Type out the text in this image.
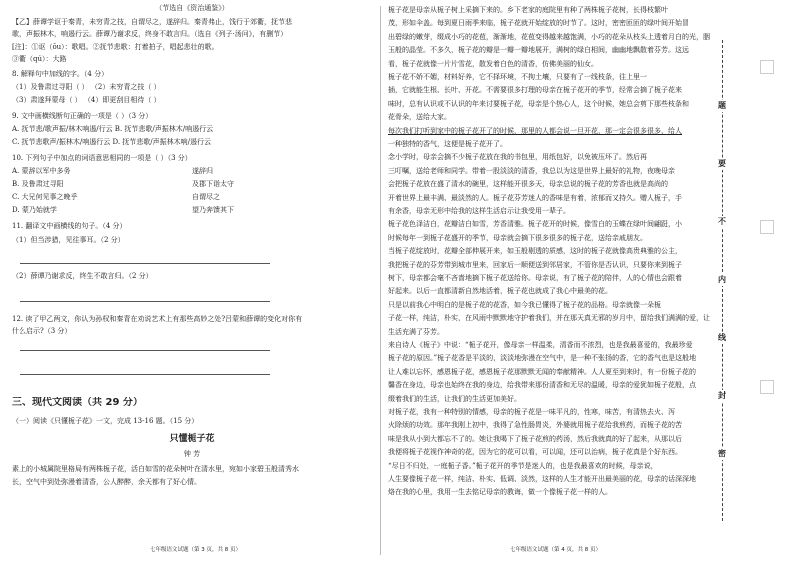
（节选自《资治通鉴》）
【乙】薛谭学讴于秦青，未穷青之技，自谓尽之，遂辞归。秦青弗止，饯行于郊衢，抚节悲
歌，声振林木，响遏行云。薛谭乃谢求反，终身不敢言归。（选自《列子·汤问》，有删节）
[注]：①讴（ōu）：歌唱。②抚节悲歌：打着拍子，唱起悲壮的歌。
③衢（qú）：大路
8. 解释句中加线的字。（4 分）
（1）及鲁肃过寻阳（ ） （2）未穷青之技（ ）
（3）肃遂拜蒙母（ ） （4）即更刮目相待（ ）
9. 文中画横线断句正确的一项是（ ）（3 分）
A. 抚节悲/歌声振/林木响遏/行云 B. 抚节悲歌/声振林木/响遏行云
C. 抚节悲歌声/振林木/响遏行云 D. 抚节悲歌/声振林木响/遏行云
10. 下列句子中加点的词语意思相同的一项是（ ）（3 分）
A. 蒙辞以军中多务	遂辞归
B. 及鲁肃过寻阳	及郡下诣太守
C. 大兄何见事之晚乎	自谓尽之
D. 蒙乃始就学	望乃奔馈其下
11. 翻译文中画横线的句子。（4 分）
（1）但当涉猎，见往事耳。（2 分）
（2）薛谭乃谢求反，终生不敢言归。（2 分）
12. 读了甲乙两文，你认为孙权和秦青在劝说艺术上有那些高妙之处?吕蒙和薛谭的变化对你有
什么启示?（3 分）
三、现代文阅读（共 29 分）
（一）阅读《只懂栀子花》一文，完成 13-16 题。（15 分）
只懂栀子花
钟 芳
素上的小城属院里格局有两株栀子花，活白如雪的花朵树叶在清水里，宛如小家碧玉般清秀水
长，空气中到处弥漫着清香，公人醉醉，余天都有了好心情。
七年级语文试题（第 3 页，共 8 页）
栀子花是母亲从栀子树上采摘下来的。乡下老家的庭院里有种了两株栀子花树，长得枝繁叶
茂，形如伞盖。每到夏日雨季来临，栀子花就开始绽放的时节了。这时，密密匝匝的绿叶间开始冒
出碧绿的嫩芽，缀成小巧的花苞，渐渐地，花苞变得越来越饱满，小巧的花朵从枝头上透着月白的光，胭
玉般的晶莹。不多久，栀子花的瓣是一瓣一瓣地展开，满树的绿白相间，幽幽地飘散着芬芳。这远
看，栀子花就像一片片雪花，散发着白色的清香，仿佛美丽的仙女。
栀子花不娇不媚，材料好养，它不择环境，不拘土壤，只要有了一线枝条，往上里一
插，它就能生根、长叶、开花。不需要很多打理的母亲在栀子花开的季节，经常会摘了栀子花来
味时，总有认识或不认识的年来讨要栀子花，母亲是个热心人，这个时候，她总会剪下那些枝条和
花骨朵，送给大家。
每次我们打听到家中的栀子花开了的时候，那里的人都会说一旦开花，那一定会很多很多，给人
一种独特的香气，这便是栀子花开了。
念小学时，母亲会摘不少栀子花放在我的书包里，用纸包好，以免被压坏了。然后再
三叮嘱，送给老师和同学。带着一股淡淡的清香，我总以为这是世界上最好的礼物，夜晚母亲
会把栀子花放在盛了清水的碗里，这样能开很多天，母亲总说的栀子花的芳香也就是高尚的
开着世界上最丰满、最淡然的人。栀子花芬芳迷人的香味是有着，浓郁而又持久。赠人栀子，手
有余香，母亲无形中给我的这样生活启示让我受用一辈子。
栀子花色泽洁白，花瓣洁白如雪，芳香清雅。栀子花开的时候，像雪白的玉蝶在绿叶间翩跹，小
时候每年一到栀子花盛开的季节，母亲就会摘下很多很多的栀子花，送给亲戚朋友。
当栀子花绽放时，花瓣全部伸展开来，如玉般剔透的质感，这时的栀子花就像高贵典雅的公主，
我把栀子花的芬芳带到城市里来，回家后一顺便送到邻居家，不管你是否认识，只要你来到栀子
树下，母亲都会毫不吝啬地摘下栀子花送给你。母亲说，有了栀子花的陪伴，人的心情也会跟着
好起来。以后一直都清新自然地活着，栀子花也就成了我心中最美的花。
只是以前我心中明白的是栀子花的花香，如今我已懂得了栀子花的品格。母亲就像一朵栀
子花一样，纯洁，朴实，在风雨中默默地守护着我们，并在那天真无邪的岁月中，留给我们满满的爱，让
生活充满了芬芳。
来自诗人《栀子》中说：“栀子花开，像母亲一样温柔，清香而不浓烈，也是我最喜爱的，我最珍爱
栀子花的原因。”栀子花香是平淡的，淡淡地弥漫在空气中，是一种不张扬的香，它的香气也是这般地
让人难以忘怀，感恩栀子花，感恩栀子花那默默无闻的奉献精神。人人夏至到来时，有一份栀子花的
馨香在身边，母亲也始终在我的身边，给我带来那份清香和无尽的温暖，母亲的爱犹如栀子花般，点
缀着我们的生活，让我们的生活更加美好。
对栀子花，我有一种特别的情感，母亲的栀子花是一味平凡的，性寒，味苦，有清热去火、泻
火除烦的功效。那年我刚上初中，我得了急性肠胃炎，外婆就用栀子花给我煎药，而栀子花的苦
味是我从小到大都忘不了的。她让我喝下了栀子花煎的药汤，然后我就真的好了起来，从那以后
我便将栀子花视作神奇的花，因为它的花可以看，可以闻，还可以治病，栀子花真是个好东西。
“尽日不归处，一庭栀子香。”栀子花开的季节是迷人的，也是我最喜欢的时候，母亲说，
人生要像栀子花一样，纯洁、朴实、低调、淡然，这样的人生才能开出最美丽的花，母亲的话深深地
烙在我的心里，我用一生去铭记母亲的教诲，做一个像栀子花一样的人。
七年级语文试题（第 4 页，共 8 页）
题
要
不
内
线
封
密
